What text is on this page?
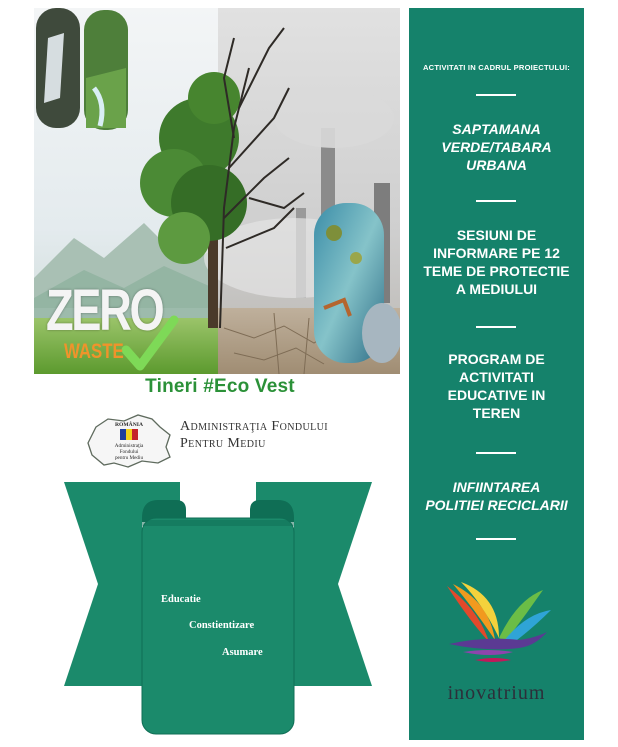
ZERO
WASTE
Tineri #Eco Vest
ROMÂNIA
Administraţia
Fondului
pentru Mediu
Administraţia Fondului
Pentru Mediu
Educatie
Constientizare
Asumare
ACTIVITATI IN CADRUL PROIECTULUI:
SAPTAMANA
VERDE/TABARA
URBANA
SESIUNI DE
INFORMARE PE 12
TEME DE PROTECTIE
A MEDIULUI
PROGRAM DE
ACTIVITATI
EDUCATIVE IN
TEREN
INFIINTAREA
POLITIEI RECICLARII
inovatrium
